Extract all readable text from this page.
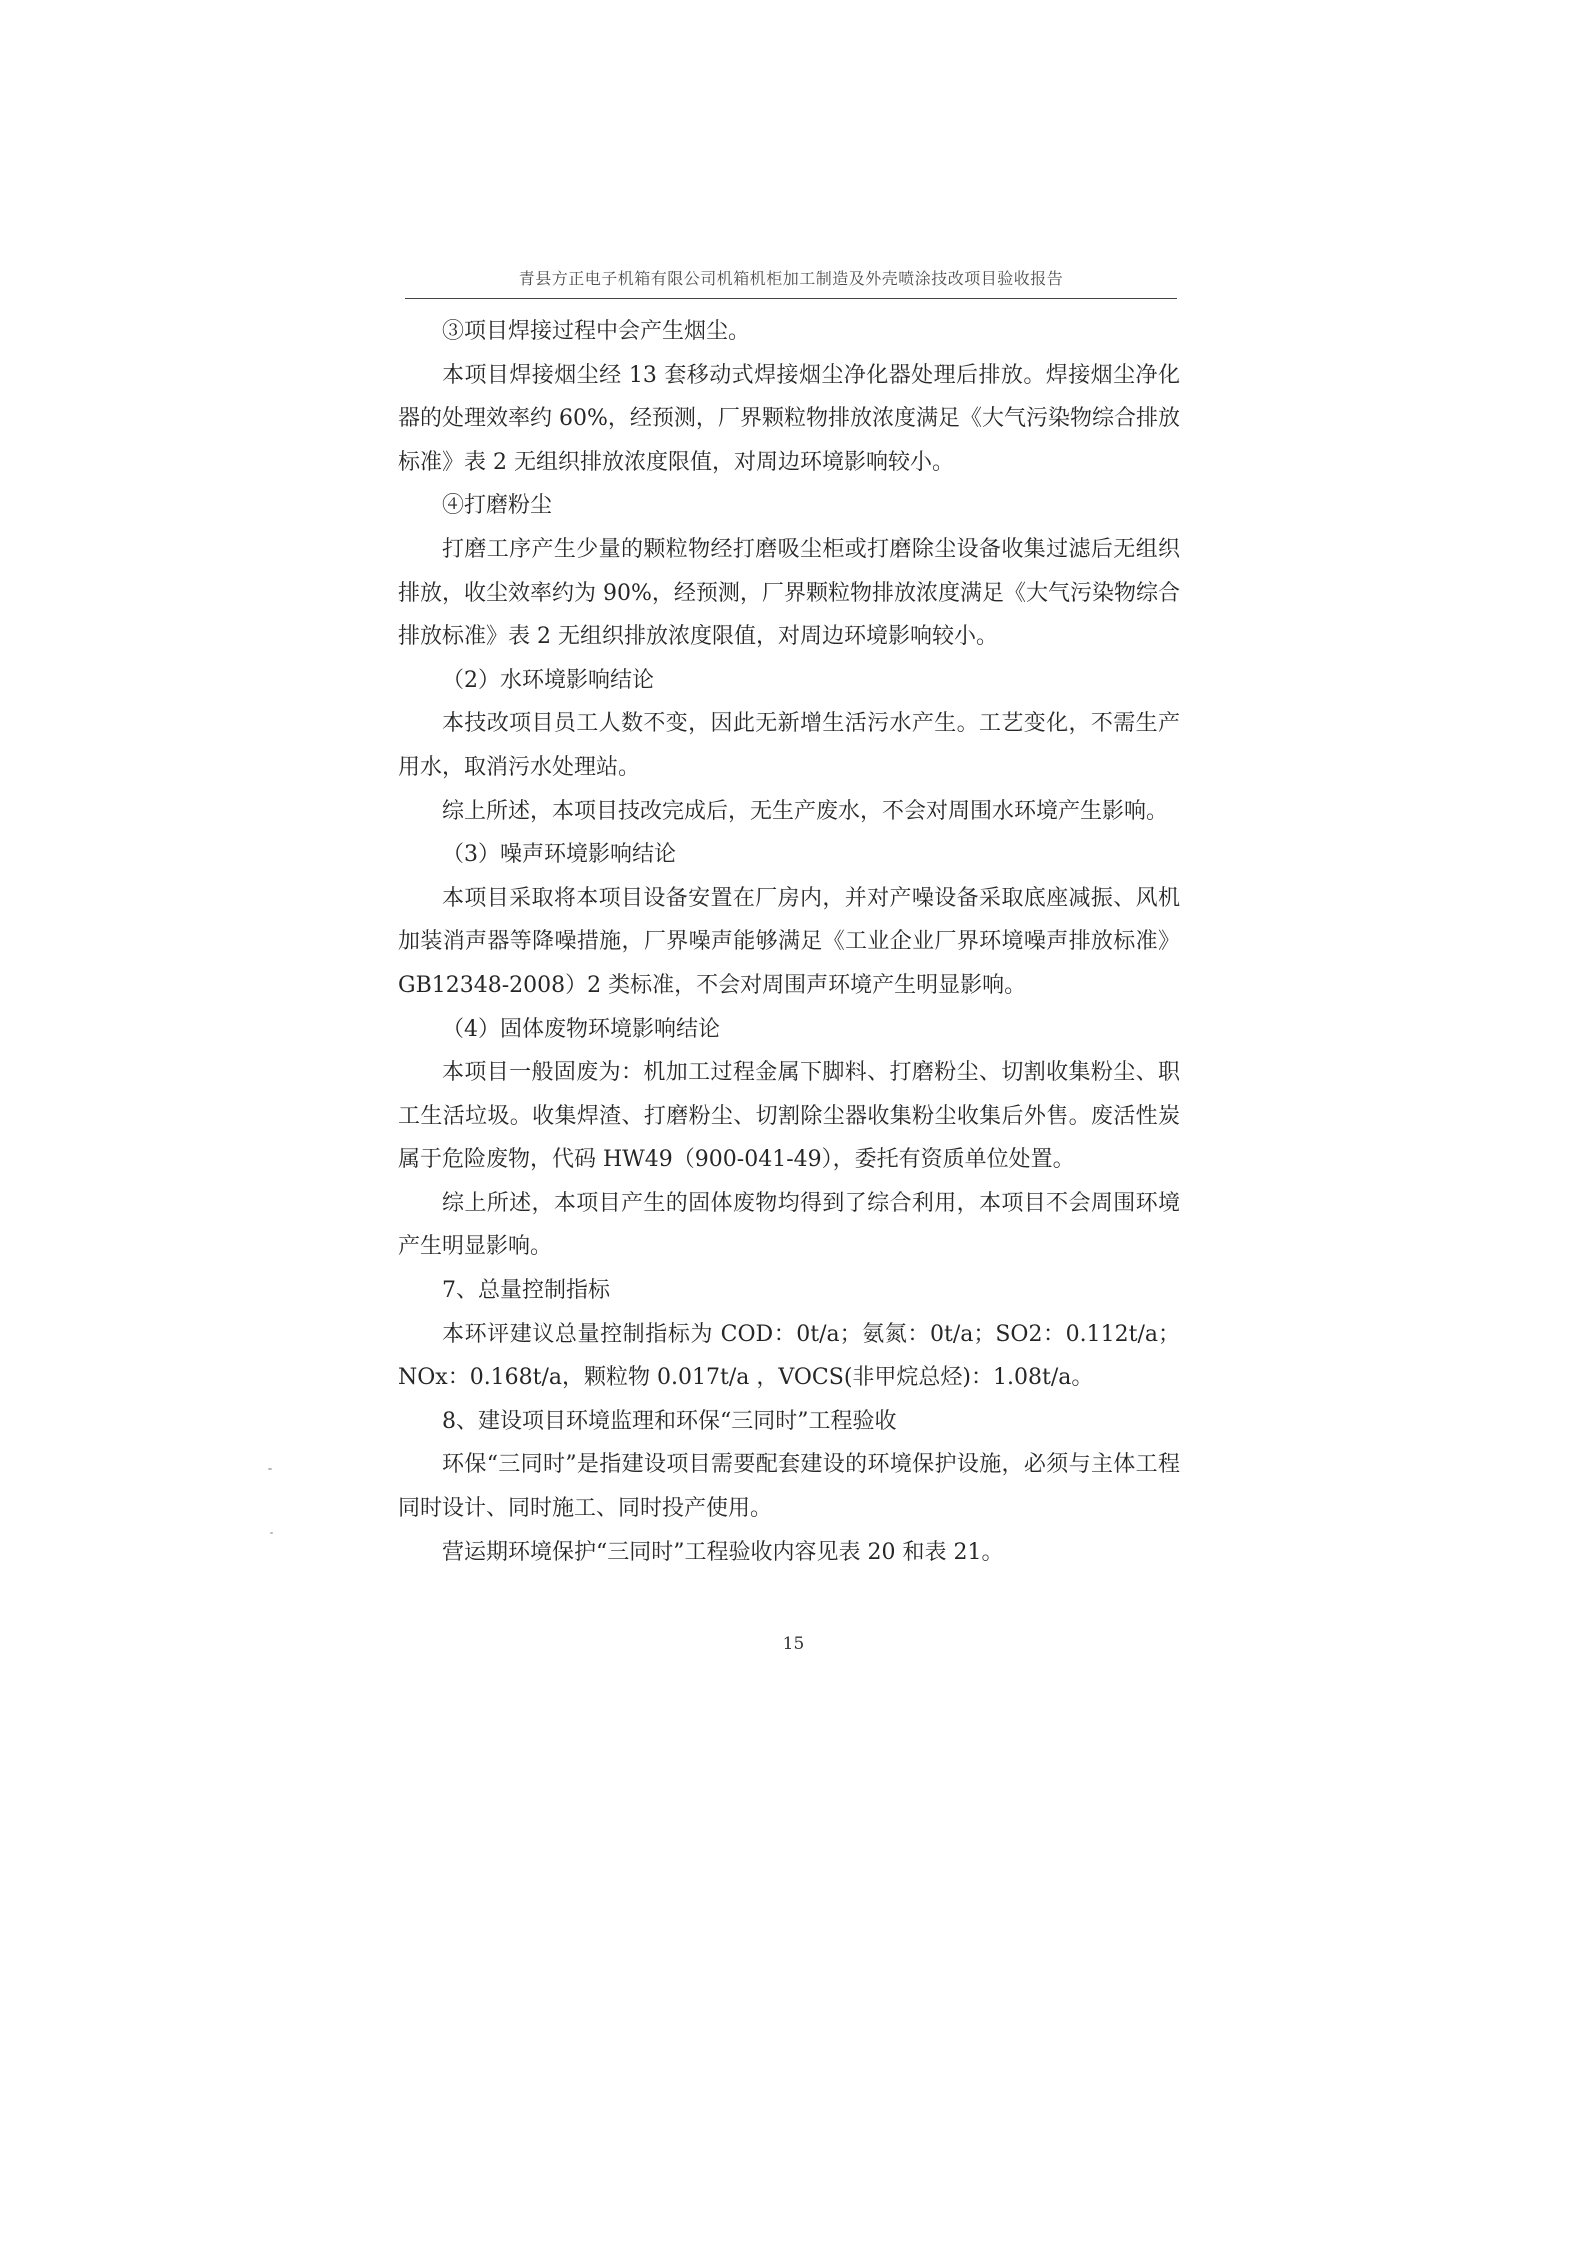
青县方正电子机箱有限公司机箱机柜加工制造及外壳喷涂技改项目验收报告

③项目焊接过程中会产生烟尘。

本项目焊接烟尘经 13 套移动式焊接烟尘净化器处理后排放。焊接烟尘净化器的处理效率约 60%，经预测，厂界颗粒物排放浓度满足《大气污染物综合排放标准》表 2 无组织排放浓度限值，对周边环境影响较小。

④打磨粉尘

打磨工序产生少量的颗粒物经打磨吸尘柜或打磨除尘设备收集过滤后无组织排放，收尘效率约为 90%，经预测，厂界颗粒物排放浓度满足《大气污染物综合排放标准》表 2 无组织排放浓度限值，对周边环境影响较小。

（2）水环境影响结论

本技改项目员工人数不变，因此无新增生活污水产生。工艺变化，不需生产用水，取消污水处理站。

综上所述，本项目技改完成后，无生产废水，不会对周围水环境产生影响。

（3）噪声环境影响结论

本项目采取将本项目设备安置在厂房内，并对产噪设备采取底座减振、风机加装消声器等降噪措施，厂界噪声能够满足《工业企业厂界环境噪声排放标准》GB12348-2008）2 类标准，不会对周围声环境产生明显影响。

（4）固体废物环境影响结论

本项目一般固废为：机加工过程金属下脚料、打磨粉尘、切割收集粉尘、职工生活垃圾。收集焊渣、打磨粉尘、切割除尘器收集粉尘收集后外售。废活性炭属于危险废物，代码 HW49（900-041-49），委托有资质单位处置。

综上所述，本项目产生的固体废物均得到了综合利用，本项目不会周围环境产生明显影响。

7、总量控制指标

本环评建议总量控制指标为 COD：0t/a；氨氮：0t/a；SO2：0.112t/a；NOx：0.168t/a，颗粒物 0.017t/a ，VOCS(非甲烷总烃)：1.08t/a。

8、建设项目环境监理和环保“三同时”工程验收

环保“三同时”是指建设项目需要配套建设的环境保护设施，必须与主体工程同时设计、同时施工、同时投产使用。

营运期环境保护“三同时”工程验收内容见表 20 和表 21。

15
